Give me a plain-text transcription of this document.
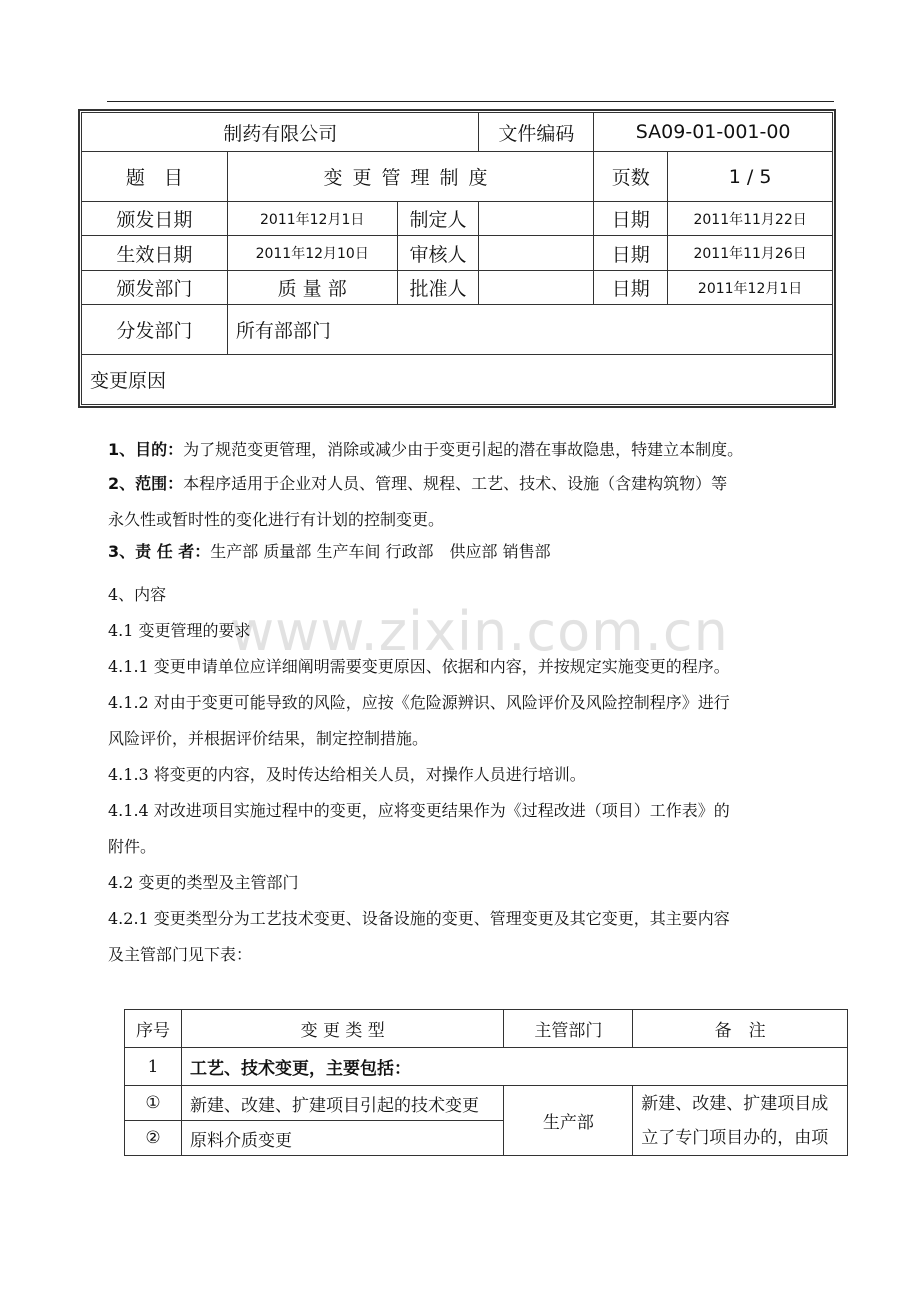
制药有限公司			文件编码	SA09-01-001-00	
题　目	变更管理制度			页数	1 / 5
颁发日期	2011年12月1日	制定人		日期	2011年11月22日
生效日期	2011年12月10日	审核人		日期	2011年11月26日
颁发部门	质 量 部	批准人		日期	2011年12月1日
分发部门	所有部部门				
变更原因					
www.zixin.com.cn
1、目的：为了规范变更管理，消除或减少由于变更引起的潜在事故隐患，特建立本制度。
2、范围：本程序适用于企业对人员、管理、规程、工艺、技术、设施（含建构筑物）等
永久性或暂时性的变化进行有计划的控制变更。
3、责 任 者：生产部 质量部 生产车间 行政部　供应部 销售部
4、内容
4.1 变更管理的要求
4.1.1 变更申请单位应详细阐明需要变更原因、依据和内容，并按规定实施变更的程序。
4.1.2 对由于变更可能导致的风险，应按《危险源辨识、风险评价及风险控制程序》进行
风险评价，并根据评价结果，制定控制措施。
4.1.3 将变更的内容，及时传达给相关人员，对操作人员进行培训。
4.1.4 对改进项目实施过程中的变更，应将变更结果作为《过程改进（项目）工作表》的
附件。
4.2 变更的类型及主管部门
4.2.1 变更类型分为工艺技术变更、设备设施的变更、管理变更及其它变更，其主要内容
及主管部门见下表：
序号	变 更 类 型	主管部门	备　注
1	工艺、技术变更，主要包括：		
①	新建、改建、扩建项目引起的技术变更	生产部	新建、改建、扩建项目成立了专门项目办的，由项
②	原料介质变更		
